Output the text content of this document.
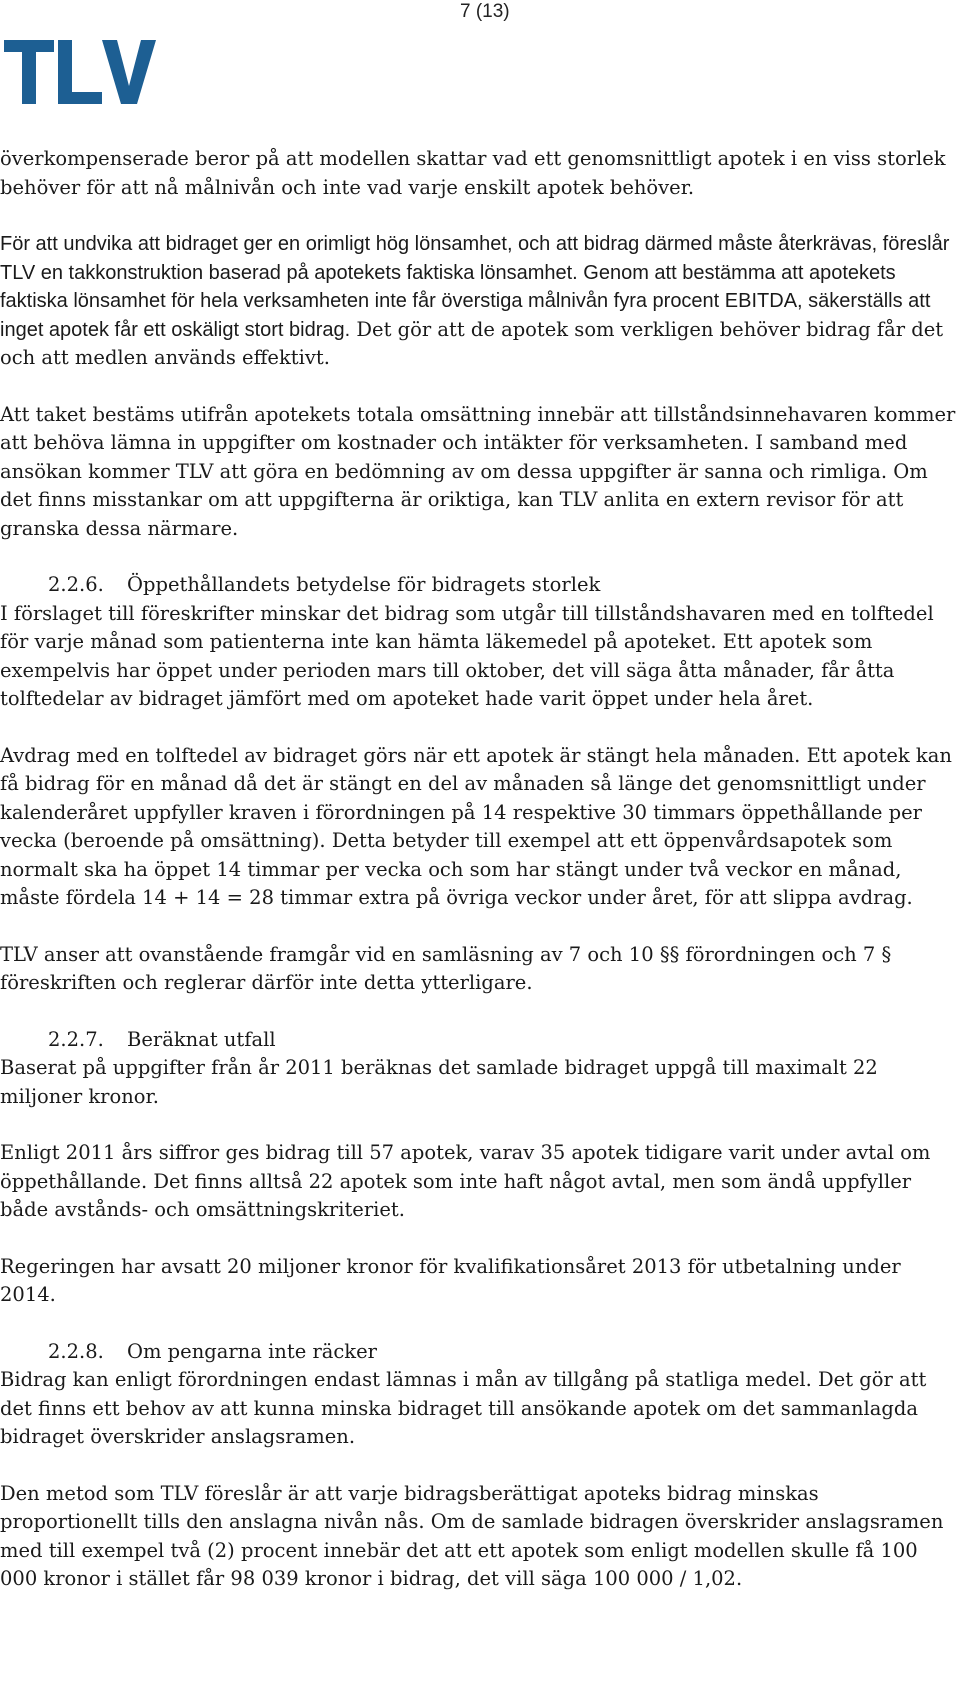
7 (13)

överkompenserade beror på att modellen skattar vad ett genomsnittligt apotek i en viss storlek behöver för att nå målnivån och inte vad varje enskilt apotek behöver.

För att undvika att bidraget ger en orimligt hög lönsamhet, och att bidrag därmed måste återkrävas, föreslår TLV en takkonstruktion baserad på apotekets faktiska lönsamhet. Genom att bestämma att apotekets faktiska lönsamhet för hela verksamheten inte får överstiga målnivån fyra procent EBITDA, säkerställs att inget apotek får ett oskäligt stort bidrag. Det gör att de apotek som verkligen behöver bidrag får det och att medlen används effektivt.

Att taket bestäms utifrån apotekets totala omsättning innebär att tillståndsinnehavaren kommer att behöva lämna in uppgifter om kostnader och intäkter för verksamheten. I samband med ansökan kommer TLV att göra en bedömning av om dessa uppgifter är sanna och rimliga. Om det finns misstankar om att uppgifterna är oriktiga, kan TLV anlita en extern revisor för att granska dessa närmare.

2.2.6. Öppethållandets betydelse för bidragets storlek

I förslaget till föreskrifter minskar det bidrag som utgår till tillståndshavaren med en tolftedel för varje månad som patienterna inte kan hämta läkemedel på apoteket. Ett apotek som exempelvis har öppet under perioden mars till oktober, det vill säga åtta månader, får åtta tolftedelar av bidraget jämfört med om apoteket hade varit öppet under hela året.

Avdrag med en tolftedel av bidraget görs när ett apotek är stängt hela månaden. Ett apotek kan få bidrag för en månad då det är stängt en del av månaden så länge det genomsnittligt under kalenderåret uppfyller kraven i förordningen på 14 respektive 30 timmars öppethållande per vecka (beroende på omsättning). Detta betyder till exempel att ett öppenvårdsapotek som normalt ska ha öppet 14 timmar per vecka och som har stängt under två veckor en månad, måste fördela 14 + 14 = 28 timmar extra på övriga veckor under året, för att slippa avdrag.

TLV anser att ovanstående framgår vid en samläsning av 7 och 10 §§ förordningen och 7 § föreskriften och reglerar därför inte detta ytterligare.

2.2.7. Beräknat utfall

Baserat på uppgifter från år 2011 beräknas det samlade bidraget uppgå till maximalt 22 miljoner kronor.

Enligt 2011 års siffror ges bidrag till 57 apotek, varav 35 apotek tidigare varit under avtal om öppethållande. Det finns alltså 22 apotek som inte haft något avtal, men som ändå uppfyller både avstånds- och omsättningskriteriet.

Regeringen har avsatt 20 miljoner kronor för kvalifikationsåret 2013 för utbetalning under 2014.

2.2.8. Om pengarna inte räcker

Bidrag kan enligt förordningen endast lämnas i mån av tillgång på statliga medel. Det gör att det finns ett behov av att kunna minska bidraget till ansökande apotek om det sammanlagda bidraget överskrider anslagsramen.

Den metod som TLV föreslår är att varje bidragsberättigat apoteks bidrag minskas proportionellt tills den anslagna nivån nås. Om de samlade bidragen överskrider anslagsramen med till exempel två (2) procent innebär det att ett apotek som enligt modellen skulle få 100 000 kronor i stället får 98 039 kronor i bidrag, det vill säga 100 000 / 1,02.
